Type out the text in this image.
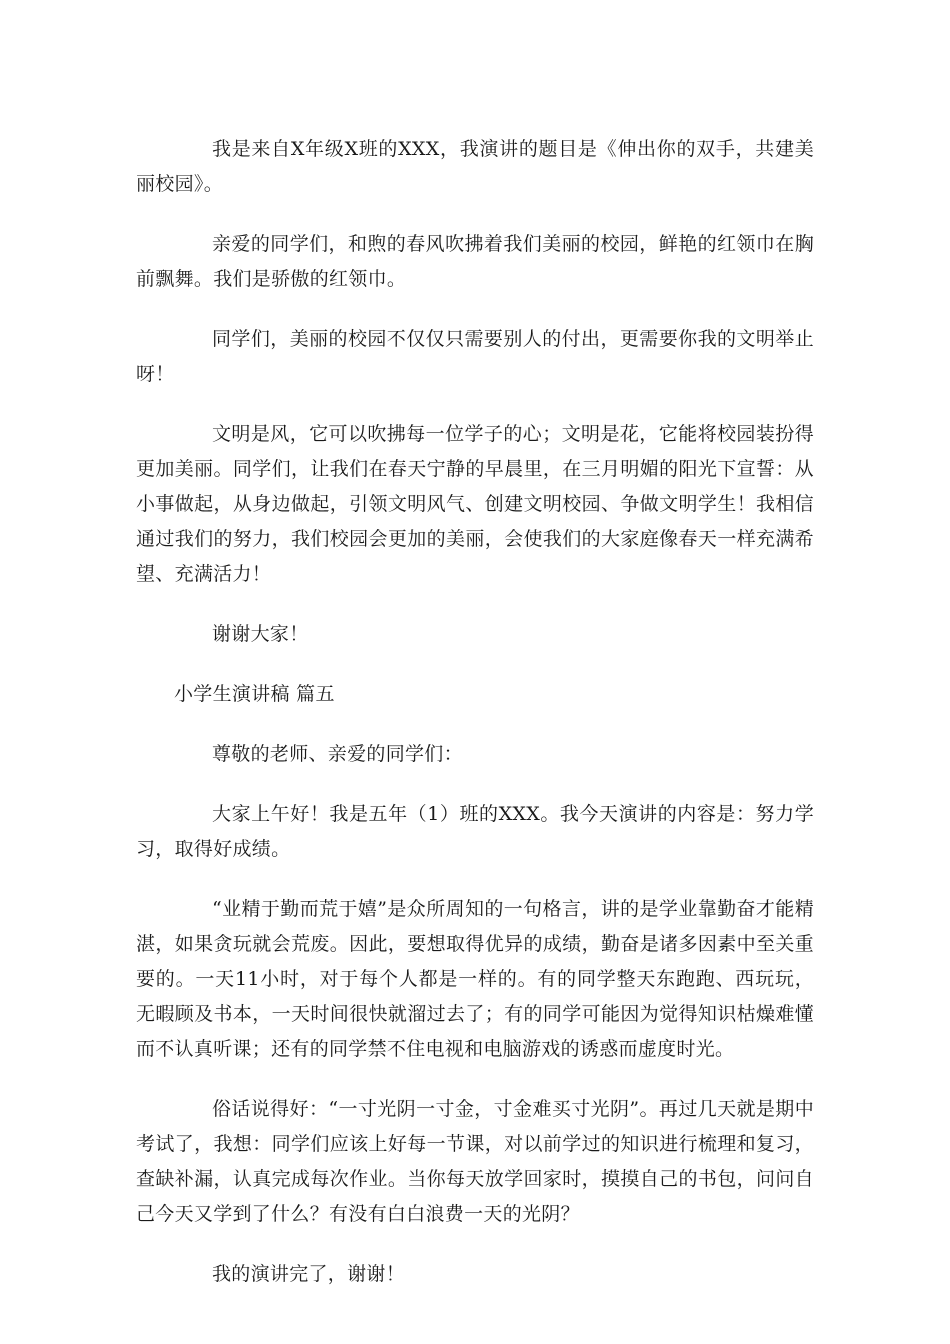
我是来自X年级X班的XXX，我演讲的题目是《伸出你的双手，共建美丽校园》。

亲爱的同学们，和煦的春风吹拂着我们美丽的校园，鲜艳的红领巾在胸前飘舞。我们是骄傲的红领巾。

同学们，美丽的校园不仅仅只需要别人的付出，更需要你我的文明举止呀！

文明是风，它可以吹拂每一位学子的心；文明是花，它能将校园装扮得更加美丽。同学们，让我们在春天宁静的早晨里，在三月明媚的阳光下宣誓：从小事做起，从身边做起，引领文明风气、创建文明校园、争做文明学生！我相信通过我们的努力，我们校园会更加的美丽，会使我们的大家庭像春天一样充满希望、充满活力！

谢谢大家！

小学生演讲稿 篇五

尊敬的老师、亲爱的同学们：

大家上午好！我是五年（1）班的XXX。我今天演讲的内容是：努力学习，取得好成绩。

“业精于勤而荒于嬉”是众所周知的一句格言，讲的是学业靠勤奋才能精湛，如果贪玩就会荒废。因此，要想取得优异的成绩，勤奋是诸多因素中至关重要的。一天11小时，对于每个人都是一样的。有的同学整天东跑跑、西玩玩，无暇顾及书本，一天时间很快就溜过去了；有的同学可能因为觉得知识枯燥难懂而不认真听课；还有的同学禁不住电视和电脑游戏的诱惑而虚度时光。

俗话说得好：“一寸光阴一寸金，寸金难买寸光阴”。再过几天就是期中考试了，我想：同学们应该上好每一节课，对以前学过的知识进行梳理和复习，查缺补漏，认真完成每次作业。当你每天放学回家时，摸摸自己的书包，问问自己今天又学到了什么？有没有白白浪费一天的光阴？

我的演讲完了，谢谢！
